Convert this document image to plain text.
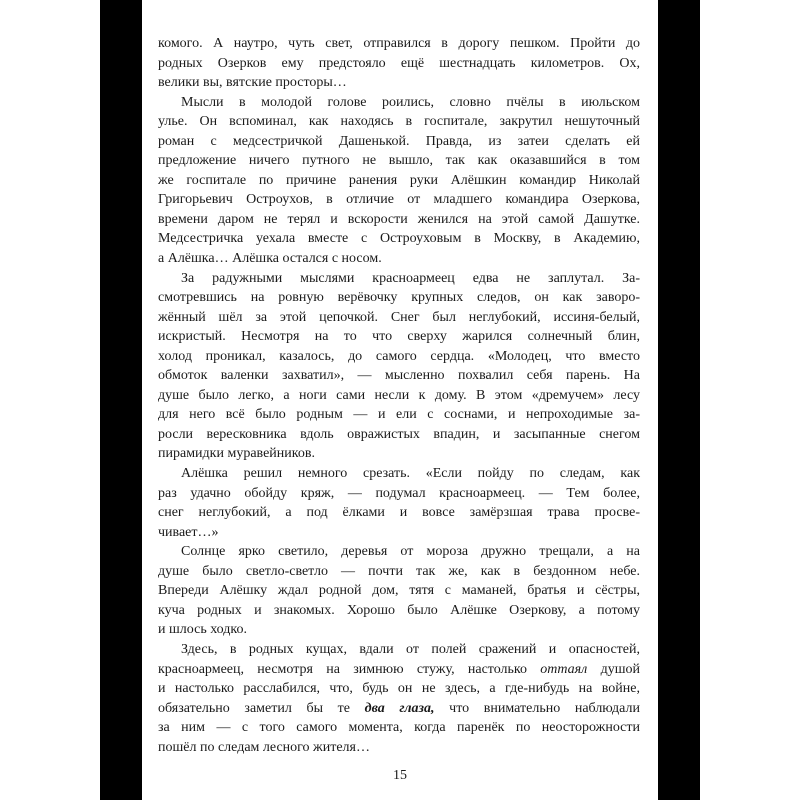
комого. А наутро, чуть свет, отправился в дорогу пешком. Пройти до
родных Озерков ему предстояло ещё шестнадцать километров. Ох,
велики вы, вятские просторы…
Мысли в молодой голове роились, словно пчёлы в июльском
улье. Он вспоминал, как находясь в госпитале, закрутил нешуточный
роман с медсестричкой Дашенькой. Правда, из затеи сделать ей
предложение ничего путного не вышло, так как оказавшийся в том
же госпитале по причине ранения руки Алёшкин командир Николай
Григорьевич Остроухов, в отличие от младшего командира Озеркова,
времени даром не терял и вскорости женился на этой самой Дашутке.
Медсестричка уехала вместе с Остроуховым в Москву, в Академию,
а Алёшка… Алёшка остался с носом.
За радужными мыслями красноармеец едва не заплутал. За-
смотревшись на ровную верёвочку крупных следов, он как заворо-
жённый шёл за этой цепочкой. Снег был неглубокий, иссиня-белый,
искристый. Несмотря на то что сверху жарился солнечный блин,
холод проникал, казалось, до самого сердца. «Молодец, что вместо
обмоток валенки захватил», — мысленно похвалил себя парень. На
душе было легко, а ноги сами несли к дому. В этом «дремучем» лесу
для него всё было родным — и ели с соснами, и непроходимые за-
росли вересковника вдоль овражистых впадин, и засыпанные снегом
пирамидки муравейников.
Алёшка решил немного срезать. «Если пойду по следам, как
раз удачно обойду кряж, — подумал красноармеец. — Тем более,
снег неглубокий, а под ёлками и вовсе замёрзшая трава просве-
чивает…»
Солнце ярко светило, деревья от мороза дружно трещали, а на
душе было светло-светло — почти так же, как в бездонном небе.
Впереди Алёшку ждал родной дом, тятя с маманей, братья и сёстры,
куча родных и знакомых. Хорошо было Алёшке Озеркову, а потому
и шлось ходко.
Здесь, в родных кущах, вдали от полей сражений и опасностей,
красноармеец, несмотря на зимнюю стужу, настолько оттаял душой
и настолько расслабился, что, будь он не здесь, а где-нибудь на войне,
обязательно заметил бы те два глаза, что внимательно наблюдали
за ним — с того самого момента, когда паренёк по неосторожности
пошёл по следам лесного жителя…
15
